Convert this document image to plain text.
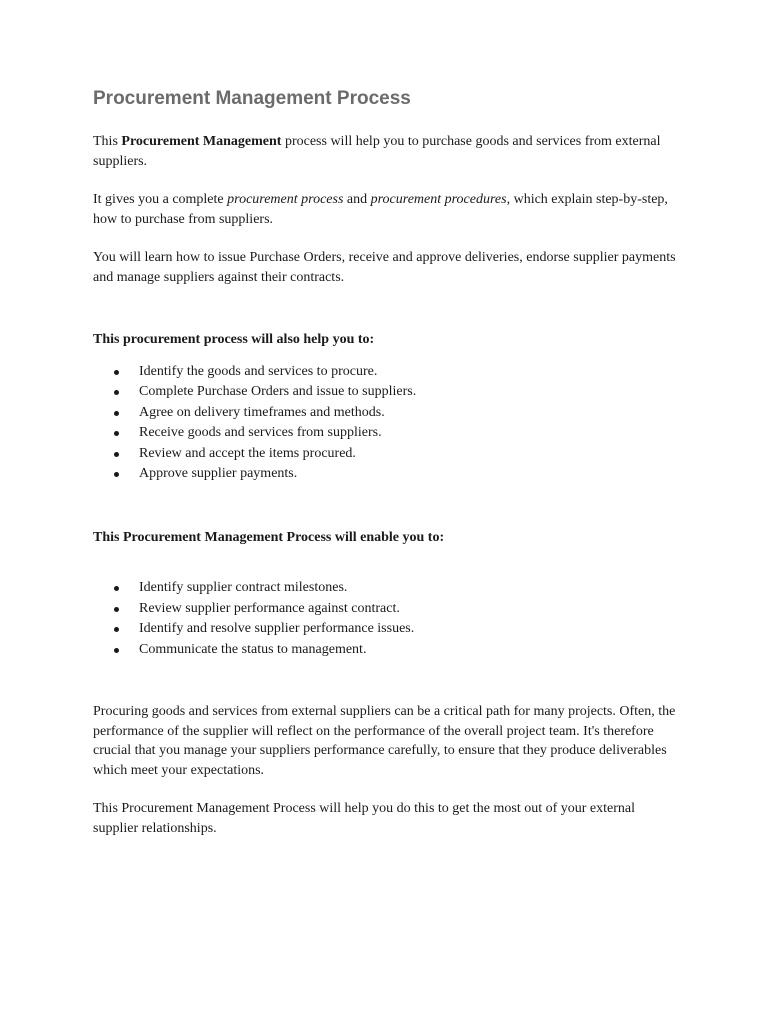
Procurement Management Process

This Procurement Management process will help you to purchase goods and services from external suppliers.

It gives you a complete procurement process and procurement procedures, which explain step-by-step, how to purchase from suppliers.

You will learn how to issue Purchase Orders, receive and approve deliveries, endorse supplier payments and manage suppliers against their contracts.

This procurement process will also help you to:

Identify the goods and services to procure.
Complete Purchase Orders and issue to suppliers.
Agree on delivery timeframes and methods.
Receive goods and services from suppliers.
Review and accept the items procured.
Approve supplier payments.

This Procurement Management Process will enable you to:

Identify supplier contract milestones.
Review supplier performance against contract.
Identify and resolve supplier performance issues.
Communicate the status to management.

Procuring goods and services from external suppliers can be a critical path for many projects. Often, the performance of the supplier will reflect on the performance of the overall project team. It's therefore crucial that you manage your suppliers performance carefully, to ensure that they produce deliverables which meet your expectations.

This Procurement Management Process will help you do this to get the most out of your external supplier relationships.
